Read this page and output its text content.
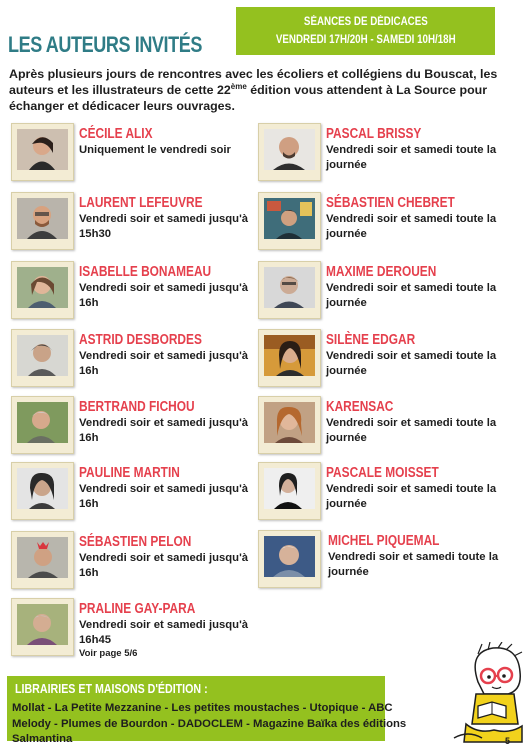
LES AUTEURS INVITÉS
SÉANCES DE DÉDICACES
VENDREDI 17H/20H - SAMEDI 10H/18H

Après plusieurs jours de rencontres avec les écoliers et collégiens du Bouscat, les auteurs et les illustrateurs de cette 22ème édition vous attendent à La Source pour échanger et dédicacer leurs ouvrages.

CÉCILE ALIX
Uniquement le vendredi soir
LAURENT LEFEUVRE
Vendredi soir et samedi jusqu'à 15h30
ISABELLE BONAMEAU
Vendredi soir et samedi jusqu'à 16h
ASTRID DESBORDES
Vendredi soir et samedi jusqu'à 16h
BERTRAND FICHOU
Vendredi soir et samedi jusqu'à 16h
PAULINE MARTIN
Vendredi soir et samedi jusqu'à 16h
SÉBASTIEN PELON
Vendredi soir et samedi jusqu'à 16h
PRALINE GAY-PARA
Vendredi soir et samedi jusqu'à 16h45
Voir page 5/6
PASCAL BRISSY
Vendredi soir et samedi toute la journée
SÉBASTIEN CHEBRET
Vendredi soir et samedi toute la journée
MAXIME DEROUEN
Vendredi soir et samedi toute la journée
SILÈNE EDGAR
Vendredi soir et samedi toute la journée
KARENSAC
Vendredi soir et samedi toute la journée
PASCALE MOISSET
Vendredi soir et samedi toute la journée
MICHEL PIQUEMAL
Vendredi soir et samedi toute la journée
LIBRAIRIES ET MAISONS D'ÉDITION :
Mollat - La Petite Mezzanine - Les petites moustaches - Utopique - ABC Melody - Plumes de Bourdon - DADOCLEM - Magazine Baïka des éditions Salmantina	5
